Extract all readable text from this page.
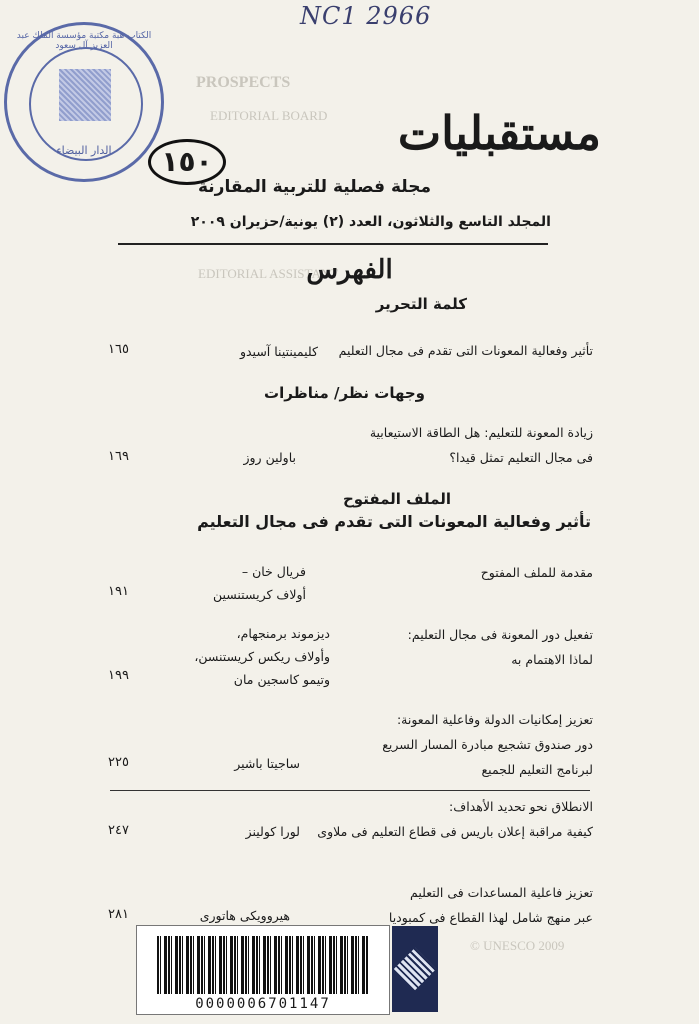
PROSPECTS
EDITORIAL BOARD
EDITORIAL ASSISTANT
© UNESCO 2009
NC1 2966
الكتاب هبة مكتبة مؤسسة الملك عبد العزيز آل سعود
الدار البيضاء	مستقبليات
١٥٠
مجلة فصلية للتربية المقارنة
المجلد التاسع والثلاثون، العدد (٢) يونية/حزيران ٢٠٠٩
الفهرس
كلمة التحرير
تأثير وفعالية المعونات التى تقدم فى مجال التعليم
كليمينتينا آسيدو
١٦٥
وجهات نظر/ مناظرات
زيادة المعونة للتعليم: هل الطاقة الاستيعابية
فى مجال التعليم تمثل قيدا؟
باولين روز
١٦٩
الملف المفتوح
تأثير وفعالية المعونات التى تقدم فى مجال التعليم
مقدمة للملف المفتوح
فريال خان –
أولاف كريستنسين
١٩١
تفعيل دور المعونة فى مجال التعليم:
لماذا الاهتمام به
ديزموند برمنجهام،
وأولاف ريكس كريستنسن،
وتيمو كاسجين مان
١٩٩
تعزيز إمكانيات الدولة وفاعلية المعونة:
دور صندوق تشجيع مبادرة المسار السريع
لبرنامج التعليم للجميع
ساجيتا باشير
٢٢٥
الانطلاق نحو تحديد الأهداف:
كيفية مراقبة إعلان باريس فى قطاع التعليم فى ملاوى
لورا كولينز
٢٤٧
تعزيز فاعلية المساعدات فى التعليم
عبر منهج شامل لهذا القطاع فى كمبوديا
هيروويكى هاتورى
٢٨١
0000006701147
